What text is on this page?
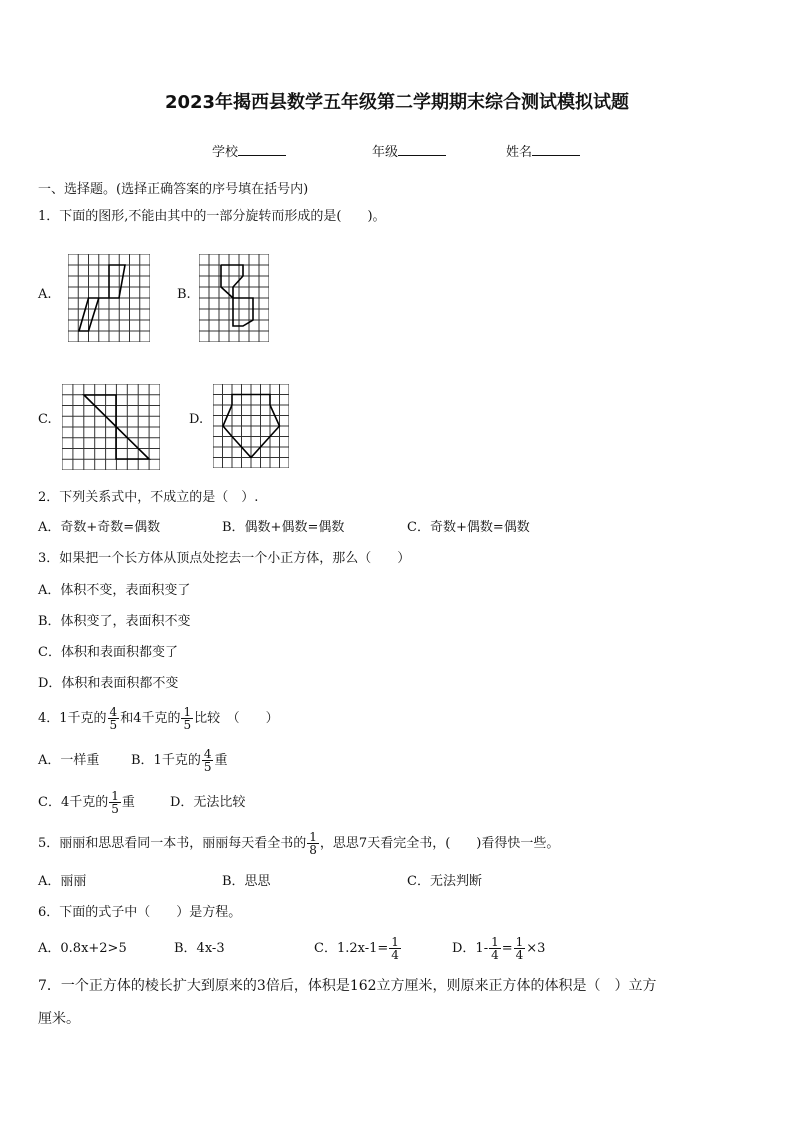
2023年揭西县数学五年级第二学期期末综合测试模拟试题
学校	年级	姓名
一、选择题。(选择正确答案的序号填在括号内)
1．下面的图形,不能由其中的一部分旋转而形成的是(　　)。
A.	B.
C.	D.
2．下列关系式中，不成立的是（　）.
A．奇数+奇数=偶数	B．偶数+偶数=偶数	C．奇数+偶数=偶数
3．如果把一个长方体从顶点处挖去一个小正方体，那么（　　）
A．体积不变，表面积变了
B．体积变了，表面积不变
C．体积和表面积都变了
D．体积和表面积都不变
4．1千克的 $\frac{4}{5}$ 和4千克的 $\frac{1}{5}$ 比较　（　　）
A．一样重 B．1千克的 $\frac{4}{5}$ 重
C．4千克的 $\frac{1}{5}$ 重	D．无法比较
5．丽丽和思思看同一本书，丽丽每天看全书的 $\frac{1}{8}$ ，思思7天看完全书，(　　)看得快一些。
A．丽丽	B．思思	C．无法判断
6．下面的式子中（　　）是方程。
A．0.8x+2>5	B．4x-3	C．$1.2x-1= \frac{1}{4}$	D．$1- \frac{1}{4} = \frac{1}{4} \times 3$
7．一个正方体的棱长扩大到原来的3倍后，体积是162立方厘米，则原来正方体的体积是（　）立方
厘米。
